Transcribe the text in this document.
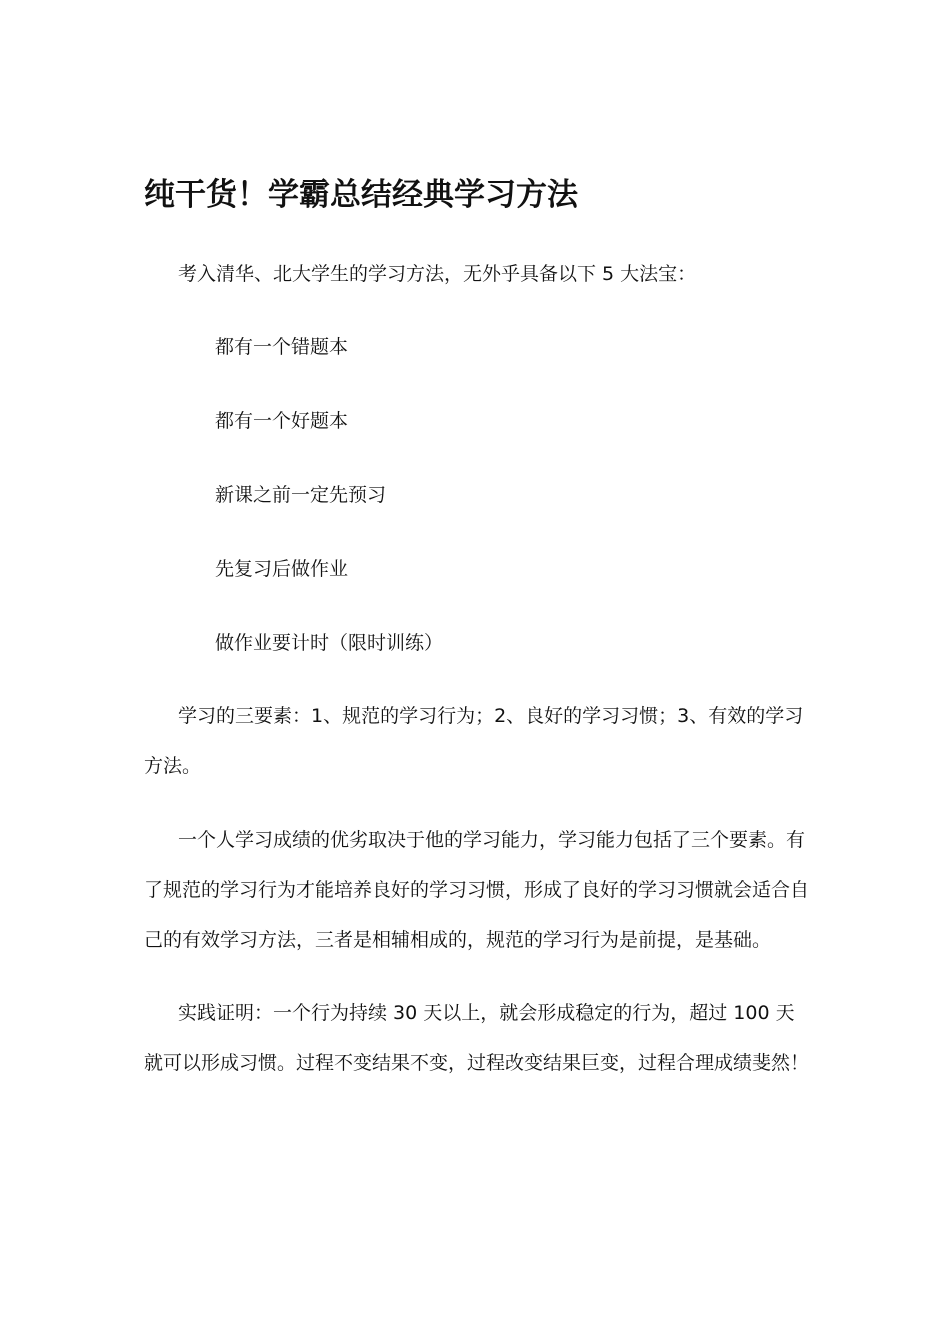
纯干货！学霸总结经典学习方法

考入清华、北大学生的学习方法，无外乎具备以下 5 大法宝：

都有一个错题本
都有一个好题本
新课之前一定先预习
先复习后做作业
做作业要计时（限时训练）

学习的三要素：1、规范的学习行为；2、良好的学习习惯；3、有效的学习方法。

一个人学习成绩的优劣取决于他的学习能力，学习能力包括了三个要素。有了规范的学习行为才能培养良好的学习习惯，形成了良好的学习习惯就会适合自己的有效学习方法，三者是相辅相成的，规范的学习行为是前提，是基础。

实践证明：一个行为持续 30 天以上，就会形成稳定的行为，超过 100 天就可以形成习惯。过程不变结果不变，过程改变结果巨变，过程合理成绩斐然！
